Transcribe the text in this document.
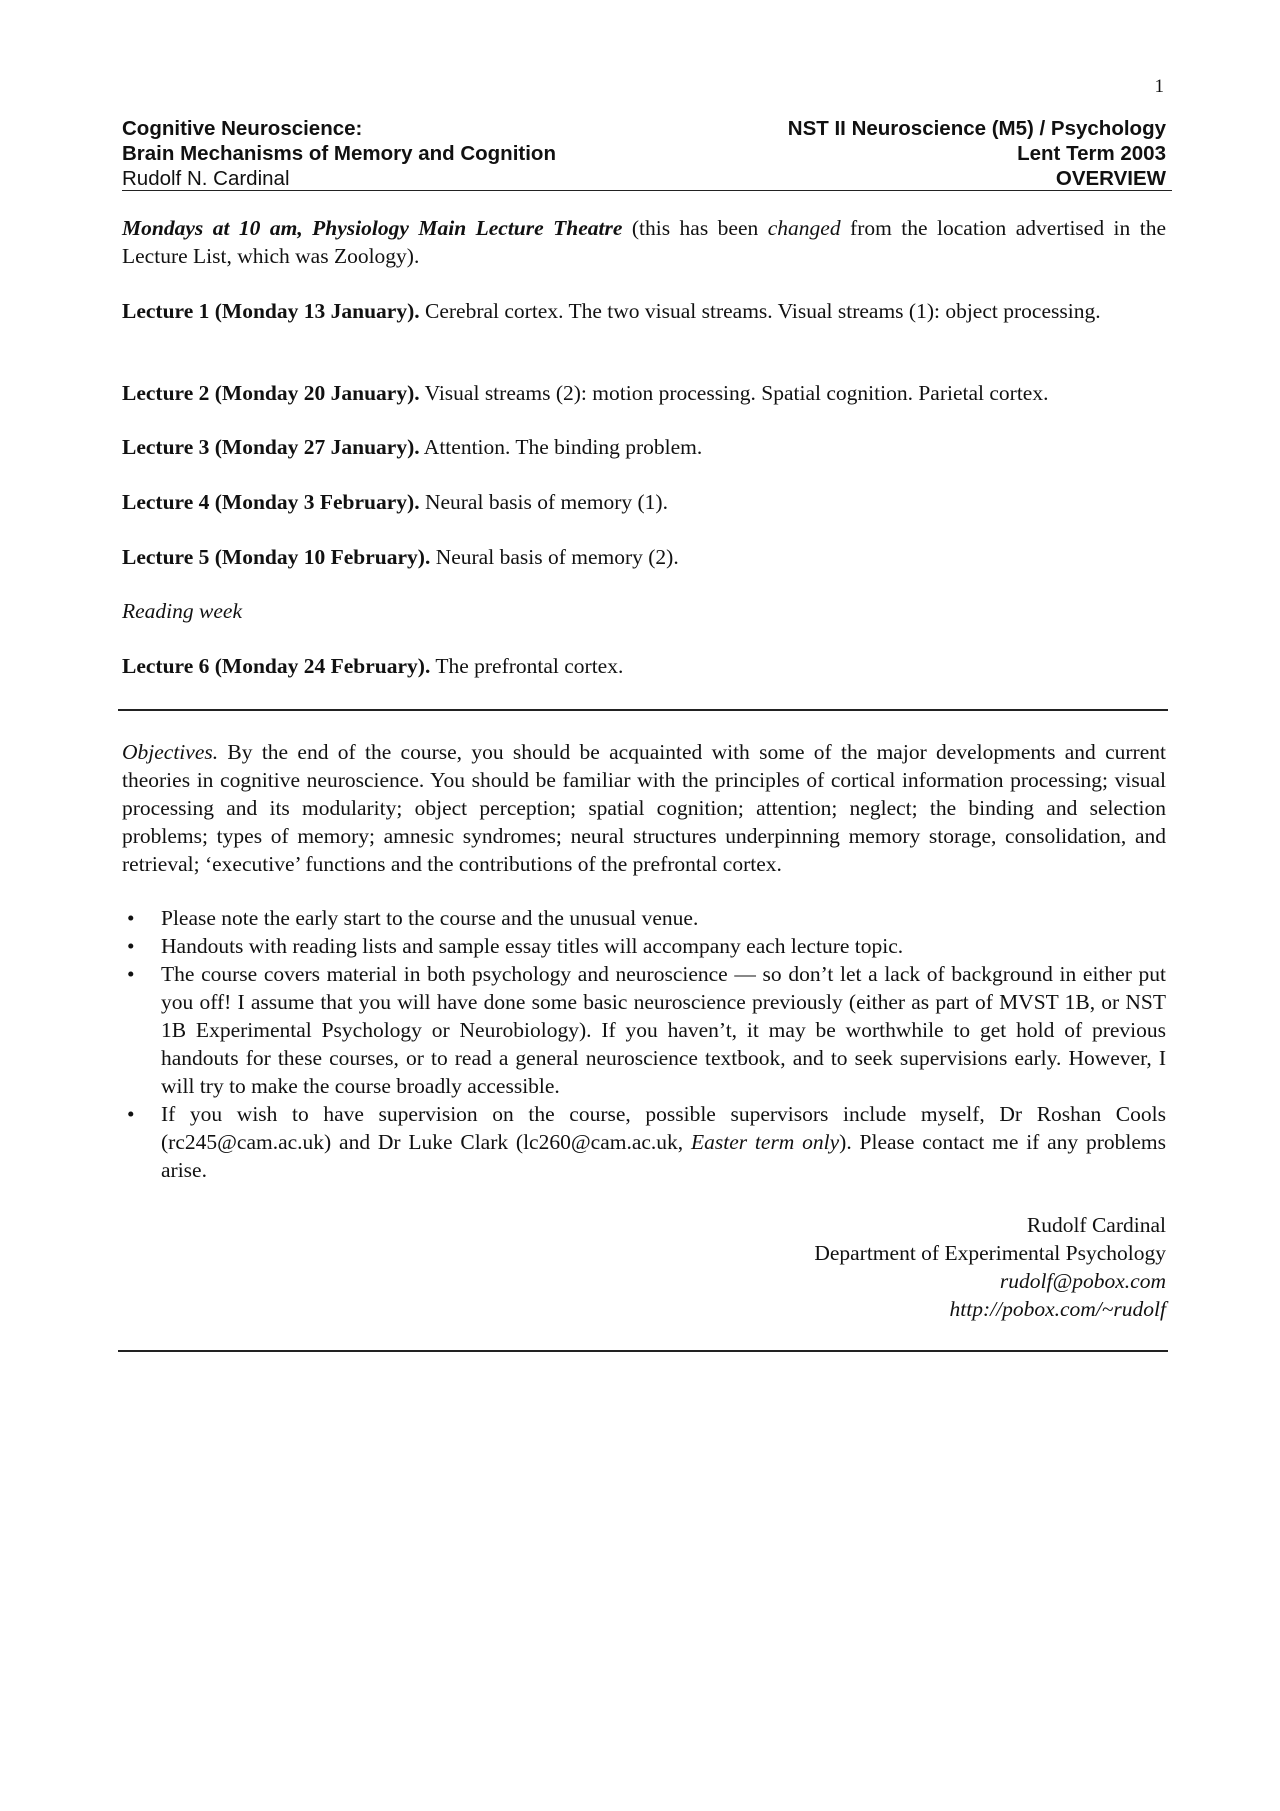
1
Cognitive Neuroscience:
Brain Mechanisms of Memory and Cognition
Rudolf N. Cardinal
NST II Neuroscience (M5) / Psychology
Lent Term 2003
OVERVIEW

Mondays at 10 am, Physiology Main Lecture Theatre (this has been changed from the location advertised in the Lecture List, which was Zoology).

Lecture 1 (Monday 13 January). Cerebral cortex. The two visual streams. Visual streams (1): object processing.

Lecture 2 (Monday 20 January). Visual streams (2): motion processing. Spatial cognition. Parietal cortex.

Lecture 3 (Monday 27 January). Attention. The binding problem.

Lecture 4 (Monday 3 February). Neural basis of memory (1).

Lecture 5 (Monday 10 February). Neural basis of memory (2).

Reading week

Lecture 6 (Monday 24 February). The prefrontal cortex.

Objectives. By the end of the course, you should be acquainted with some of the major developments and current theories in cognitive neuroscience. You should be familiar with the principles of cortical information processing; visual processing and its modularity; object perception; spatial cognition; attention; neglect; the binding and selection problems; types of memory; amnesic syndromes; neural structures underpinning memory storage, consolidation, and retrieval; ‘executive’ functions and the contributions of the prefrontal cortex.

• Please note the early start to the course and the unusual venue.
• Handouts with reading lists and sample essay titles will accompany each lecture topic.
• The course covers material in both psychology and neuroscience — so don’t let a lack of background in either put you off! I assume that you will have done some basic neuroscience previously (either as part of MVST 1B, or NST 1B Experimental Psychology or Neurobiology). If you haven’t, it may be worthwhile to get hold of previous handouts for these courses, or to read a general neuroscience textbook, and to seek supervisions early. However, I will try to make the course broadly accessible.
• If you wish to have supervision on the course, possible supervisors include myself, Dr Roshan Cools (rc245@cam.ac.uk) and Dr Luke Clark (lc260@cam.ac.uk, Easter term only). Please contact me if any problems arise.
Rudolf Cardinal
Department of Experimental Psychology
rudolf@pobox.com
http://pobox.com/~rudolf
